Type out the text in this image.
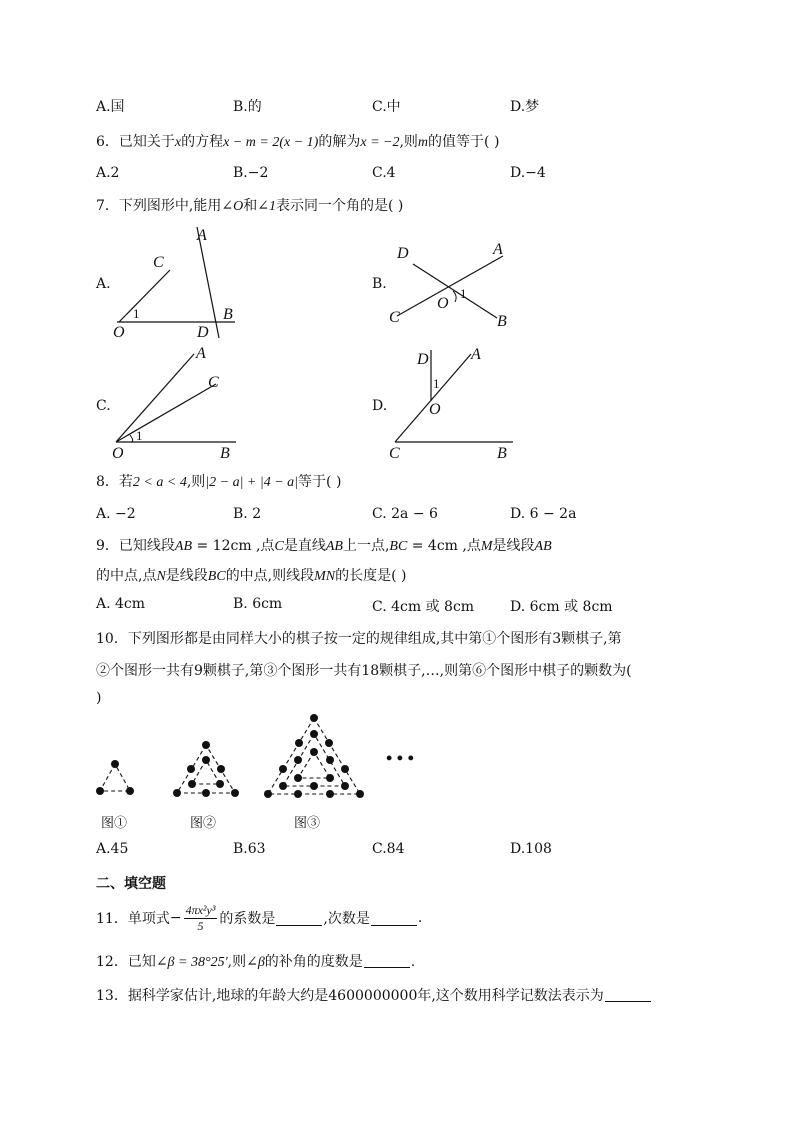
A.国	B.的	C.中	D.梦
6．已知关于x的方程x − m = 2(x − 1)的解为x = −2,则m的值等于( )
A.2	B.−2	C.4	D.−4
7．下列图形中,能用∠O和∠1表示同一个角的是( )
A.
A
C
O
1
D
B
B.
D	A
C
O
1
B
C.
A
C
O
1
B
D.
D	A
1
O
C	B
8．若2 < a < 4,则|2 − a| + |4 − a|等于( )
A. −2	B. 2	C. 2a − 6	D. 6 − 2a
9．已知线段AB = 12cm ,点C是直线AB上一点,BC = 4cm ,点M是线段AB
的中点,点N是线段BC的中点,则线段MN的长度是( )
A. 4cm	B. 6cm	C. 4cm 或 8cm	D. 6cm 或 8cm
10．下列图形都是由同样大小的棋子按一定的规律组成,其中第①个图形有3颗棋子,第
②个图形一共有9颗棋子,第③个图形一共有18颗棋子,…,则第⑥个图形中棋子的颗数为(
)
• • •
图①	图②	图③
A.45	B.63	C.84	D.108
二、填空题
11． 单项式 − $\frac{\text{4πx²y³}}{5}$ 的系数是	,次数是	.
12．已知∠β = 38°25′,则∠β的补角的度数是	.
13．据科学家估计,地球的年龄大约是4600000000年,这个数用科学记数法表示为
